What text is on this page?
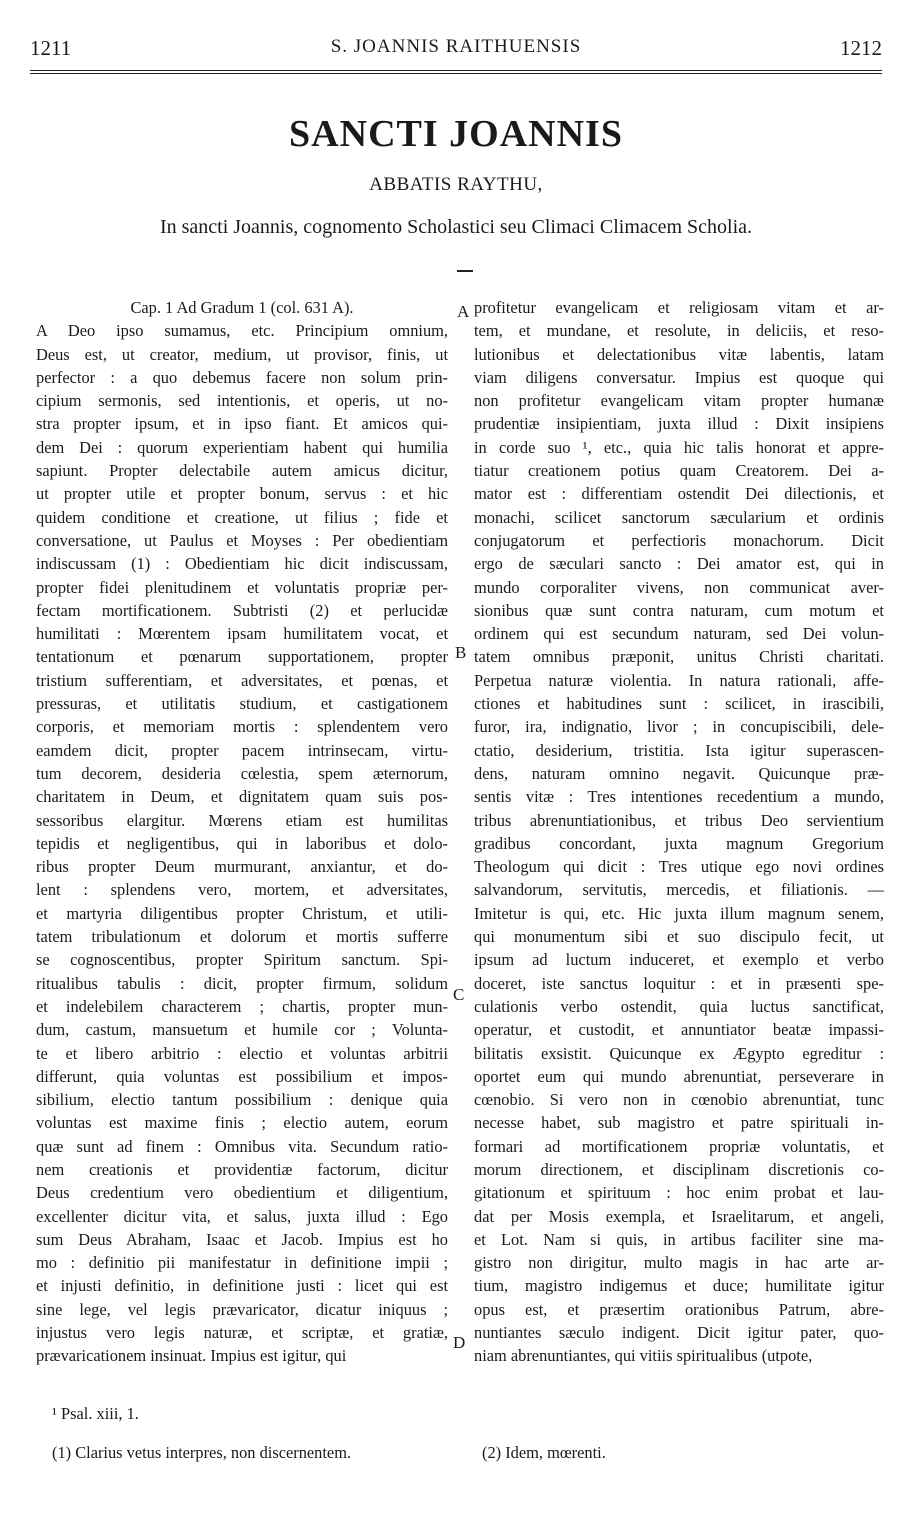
1211	S. JOANNIS RAITHUENSIS	1212
SANCTI JOANNIS
ABBATIS RAYTHU,
In sancti Joannis, cognomento Scholastici seu Climaci Climacem Scholia.
Cap. 1 Ad Gradum 1 (col. 631 A).
A Deo ipso sumamus, etc. Principium omnium,
Deus est, ut creator, medium, ut provisor, finis, ut
perfector : a quo debemus facere non solum prin-
cipium sermonis, sed intentionis, et operis, ut no-
stra propter ipsum, et in ipso fiant. Et amicos qui-
dem Dei : quorum experientiam habent qui humilia
sapiunt. Propter delectabile autem amicus dicitur,
ut propter utile et propter bonum, servus : et hic
quidem conditione et creatione, ut filius ; fide et
conversatione, ut Paulus et Moyses : Per obedientiam
indiscussam (1) : Obedientiam hic dicit indiscussam,
propter fidei plenitudinem et voluntatis propriæ per-
fectam mortificationem. Subtristi (2) et perlucidæ
humilitati : Mœrentem ipsam humilitatem vocat, et
tentationum et pœnarum supportationem, propter
tristium sufferentiam, et adversitates, et pœnas, et
pressuras, et utilitatis studium, et castigationem
corporis, et memoriam mortis : splendentem vero
eamdem dicit, propter pacem intrinsecam, virtu-
tum decorem, desideria cœlestia, spem æternorum,
charitatem in Deum, et dignitatem quam suis pos-
sessoribus elargitur. Mœrens etiam est humilitas
tepidis et negligentibus, qui in laboribus et dolo-
ribus propter Deum murmurant, anxiantur, et do-
lent : splendens vero, mortem, et adversitates,
et martyria diligentibus propter Christum, et utili-
tatem tribulationum et dolorum et mortis sufferre
se cognoscentibus, propter Spiritum sanctum. Spi-
ritualibus tabulis : dicit, propter firmum, solidum
et indelebilem characterem ; chartis, propter mun-
dum, castum, mansuetum et humile cor ; Volunta-
te et libero arbitrio : electio et voluntas arbitrii
differunt, quia voluntas est possibilium et impos-
sibilium, electio tantum possibilium : denique quia
voluntas est maxime finis ; electio autem, eorum
quæ sunt ad finem : Omnibus vita. Secundum ratio-
nem creationis et providentiæ factorum, dicitur
Deus credentium vero obedientium et diligentium,
excellenter dicitur vita, et salus, juxta illud : Ego
sum Deus Abraham, Isaac et Jacob. Impius est ho
mo : definitio pii manifestatur in definitione impii ;
et injusti definitio, in definitione justi : licet qui est
sine lege, vel legis prævaricator, dicatur iniquus ;
injustus vero legis naturæ, et scriptæ, et gratiæ,
prævaricationem insinuat. Impius est igitur, qui
profitetur evangelicam et religiosam vitam et ar-
tem, et mundane, et resolute, in deliciis, et reso-
lutionibus et delectationibus vitæ labentis, latam
viam diligens conversatur. Impius est quoque qui
non profitetur evangelicam vitam propter humanæ
prudentiæ insipientiam, juxta illud : Dixit insipiens
in corde suo ¹, etc., quia hic talis honorat et appre-
tiatur creationem potius quam Creatorem. Dei a-
mator est : differentiam ostendit Dei dilectionis, et
monachi, scilicet sanctorum sæcularium et ordinis
conjugatorum et perfectioris monachorum. Dicit
ergo de sæculari sancto : Dei amator est, qui in
mundo corporaliter vivens, non communicat aver-
sionibus quæ sunt contra naturam, cum motum et
ordinem qui est secundum naturam, sed Dei volun-
tatem omnibus præponit, unitus Christi charitati.
Perpetua naturæ violentia. In natura rationali, affe-
ctiones et habitudines sunt : scilicet, in irascibili,
furor, ira, indignatio, livor ; in concupiscibili, dele-
ctatio, desiderium, tristitia. Ista igitur superascen-
dens, naturam omnino negavit. Quicunque præ-
sentis vitæ : Tres intentiones recedentium a mundo,
tribus abrenuntiationibus, et tribus Deo servientium
gradibus concordant, juxta magnum Gregorium
Theologum qui dicit : Tres utique ego novi ordines
salvandorum, servitutis, mercedis, et filiationis. —
Imitetur is qui, etc. Hic juxta illum magnum senem,
qui monumentum sibi et suo discipulo fecit, ut
ipsum ad luctum induceret, et exemplo et verbo
doceret, iste sanctus loquitur : et in præsenti spe-
culationis verbo ostendit, quia luctus sanctificat,
operatur, et custodit, et annuntiator beatæ impassi-
bilitatis exsistit. Quicunque ex Ægypto egreditur :
oportet eum qui mundo abrenuntiat, perseverare in
cœnobio. Si vero non in cœnobio abrenuntiat, tunc
necesse habet, sub magistro et patre spirituali in-
formari ad mortificationem propriæ voluntatis, et
morum directionem, et disciplinam discretionis co-
gitationum et spirituum : hoc enim probat et lau-
dat per Mosis exempla, et Israelitarum, et angeli,
et Lot. Nam si quis, in artibus faciliter sine ma-
gistro non dirigitur, multo magis in hac arte ar-
tium, magistro indigemus et duce; humilitate igitur
opus est, et præsertim orationibus Patrum, abre-
nuntiantes sæculo indigent. Dicit igitur pater, quo-
niam abrenuntiantes, qui vitiis spiritualibus (utpote,
A
B
C
D
¹ Psal. xiii, 1.
(1) Clarius vetus interpres, non discernentem.	(2) Idem, mœrenti.
